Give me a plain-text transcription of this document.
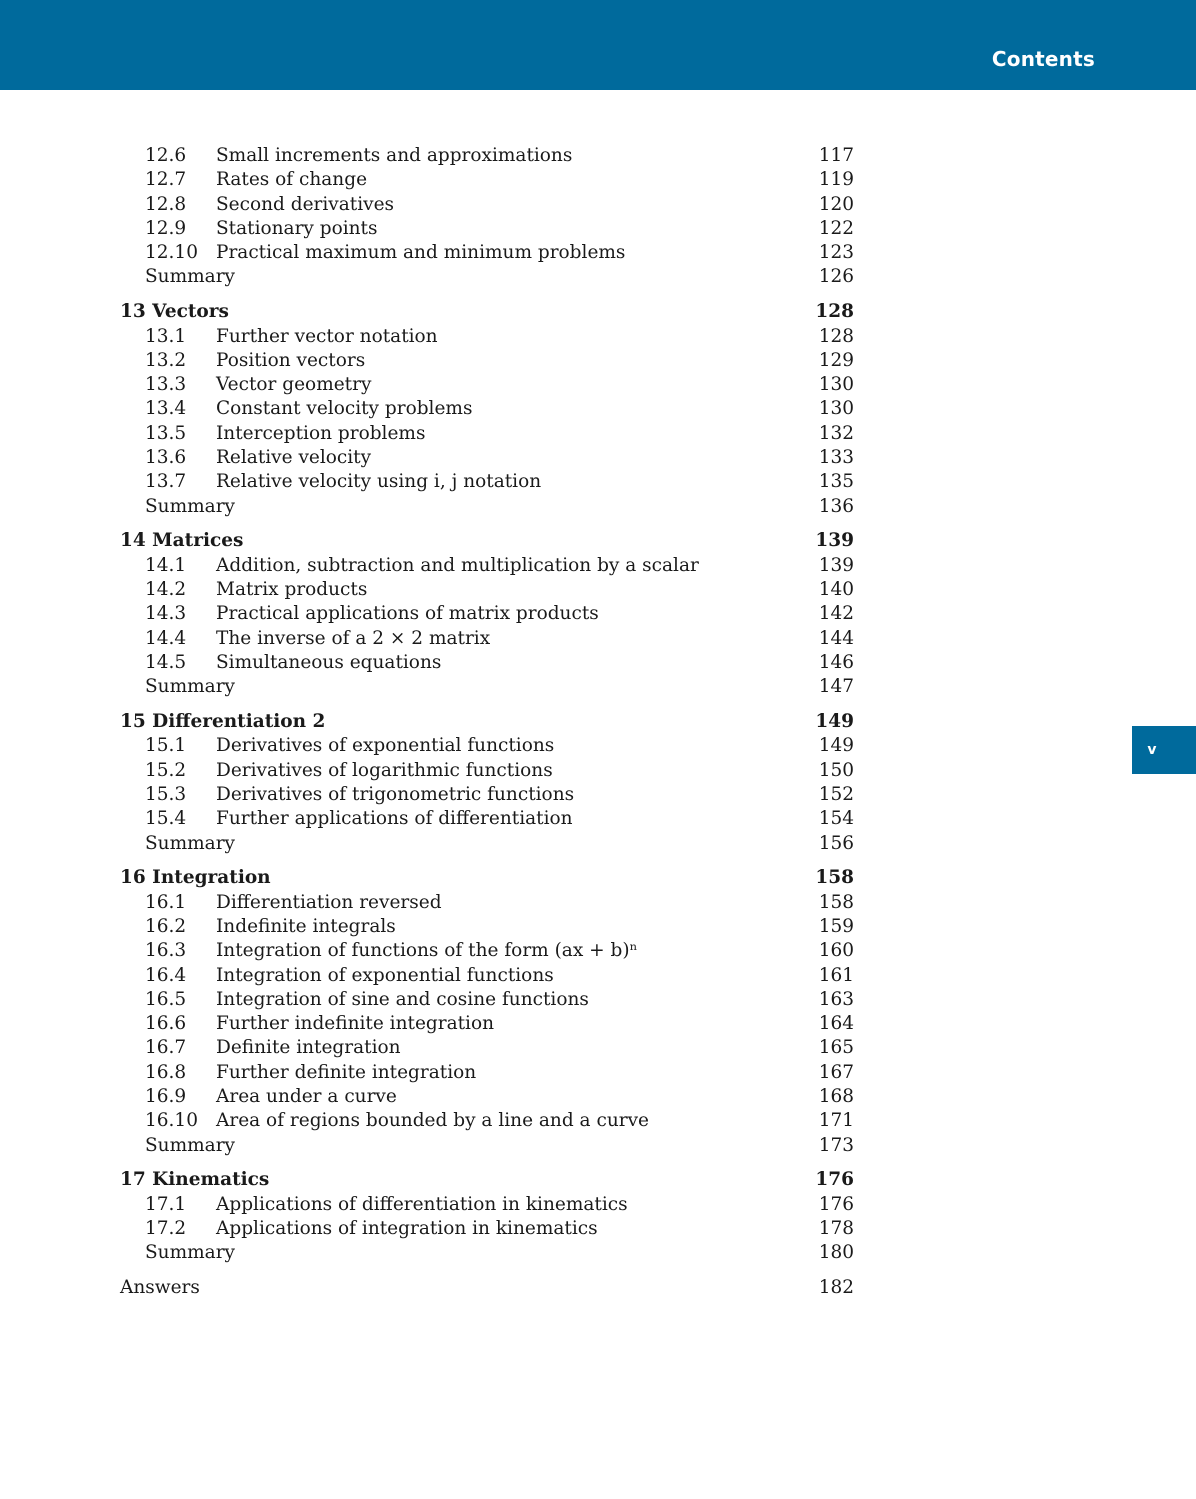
Contents
v
12.6 Small increments and approximations	117
12.7 Rates of change	119
12.8 Second derivatives	120
12.9 Stationary points	122
12.10 Practical maximum and minimum problems	123
Summary	126
13 Vectors	128
13.1 Further vector notation	128
13.2 Position vectors	129
13.3 Vector geometry	130
13.4 Constant velocity problems	130
13.5 Interception problems	132
13.6 Relative velocity	133
13.7 Relative velocity using i, j notation	135
Summary	136
14 Matrices	139
14.1 Addition, subtraction and multiplication by a scalar	139
14.2 Matrix products	140
14.3 Practical applications of matrix products	142
14.4 The inverse of a 2 × 2 matrix	144
14.5 Simultaneous equations	146
Summary	147
15 Differentiation 2	149
15.1 Derivatives of exponential functions	149
15.2 Derivatives of logarithmic functions	150
15.3 Derivatives of trigonometric functions	152
15.4 Further applications of differentiation	154
Summary	156
16 Integration	158
16.1 Differentiation reversed	158
16.2 Indefinite integrals	159
16.3 Integration of functions of the form (ax + b)ⁿ	160
16.4 Integration of exponential functions	161
16.5 Integration of sine and cosine functions	163
16.6 Further indefinite integration	164
16.7 Definite integration	165
16.8 Further definite integration	167
16.9 Area under a curve	168
16.10 Area of regions bounded by a line and a curve	171
Summary	173
17 Kinematics	176
17.1 Applications of differentiation in kinematics	176
17.2 Applications of integration in kinematics	178
Summary	180
Answers	182
